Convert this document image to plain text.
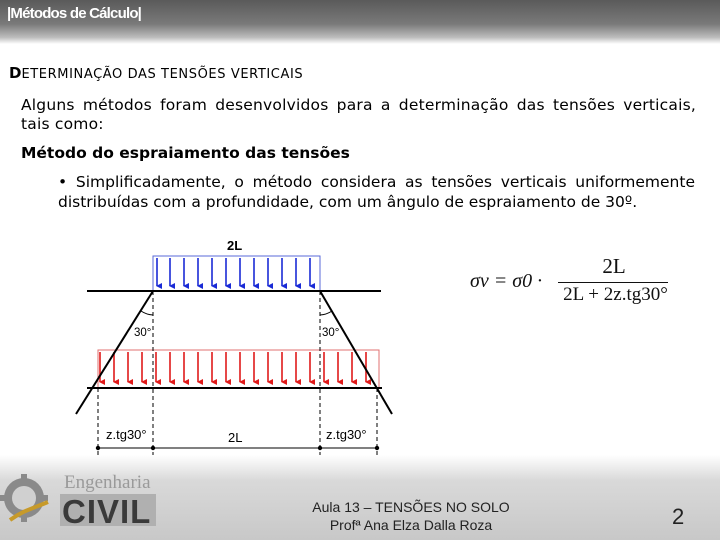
|Métodos de Cálculo|
DETERMINAÇÃO DAS TENSÕES VERTICAIS
Alguns métodos foram desenvolvidos para a determinação das tensões verticais, tais como:
Método do espraiamento das tensões
• Simplificadamente, o método considera as tensões verticais uniformemente distribuídas com a profundidade, com um ângulo de espraiamento de 30º.
2L
30°	30°
z.tg30°	2L	z.tg30°
σv = σ0 ·
2L
2L + 2z.tg30°
Engenharia
CIVIL	Aula 13 – TENSÕES NO SOLO
Profª Ana Elza Dalla Roza	2
